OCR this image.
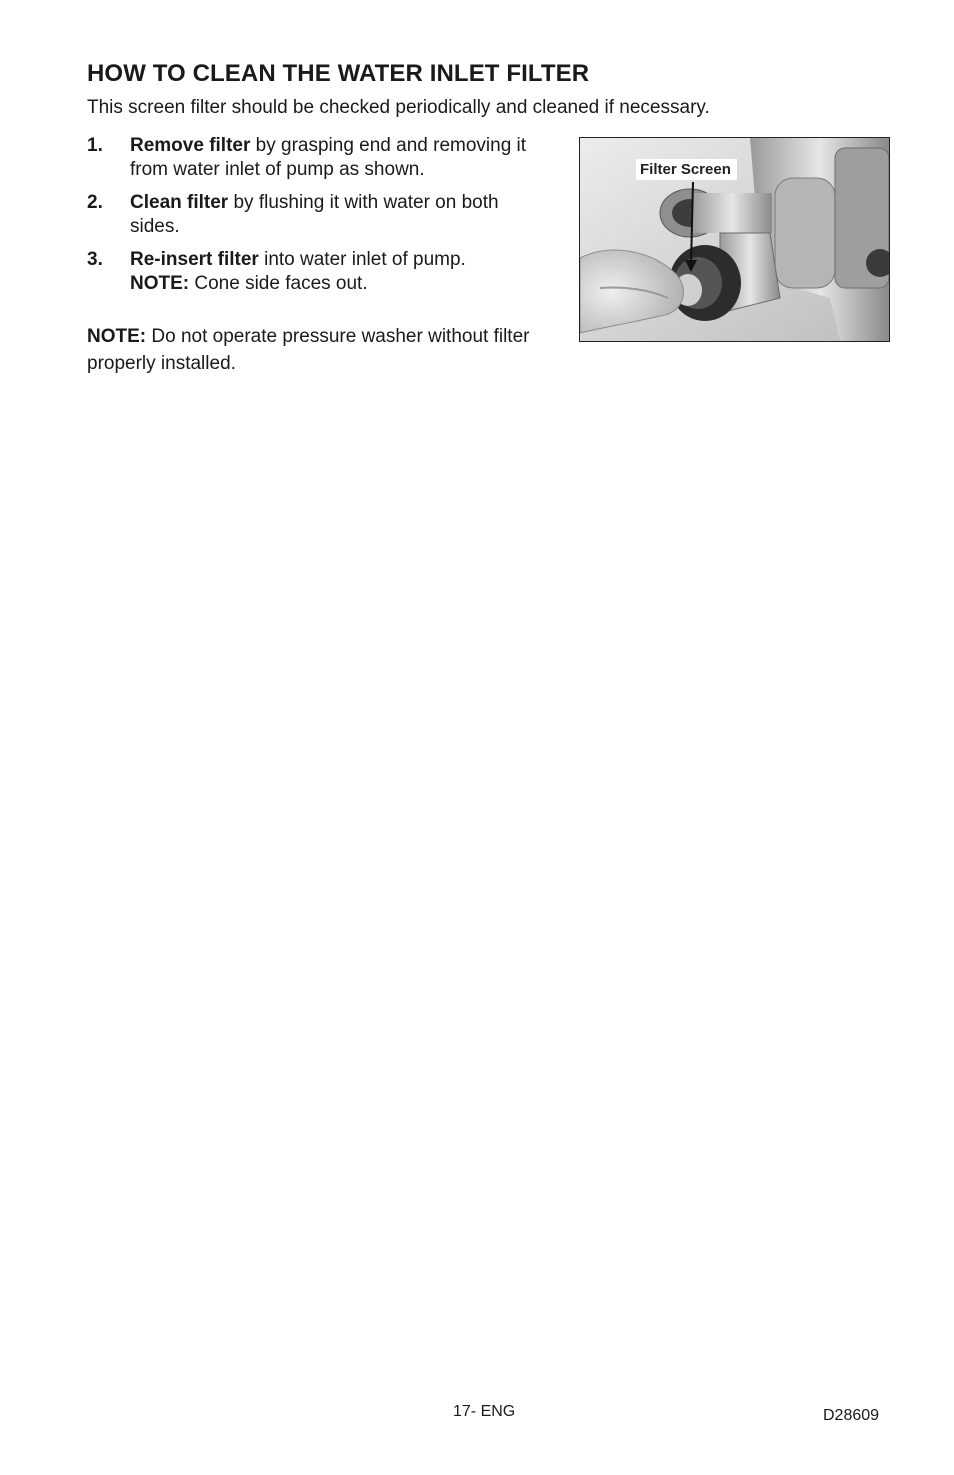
HOW TO CLEAN THE WATER INLET FILTER

This screen filter should be checked periodically and cleaned if necessary.

1. Remove filter by grasping end and removing it from water inlet of pump as shown.
2. Clean filter by flushing it with water on both sides.
3. Re-insert filter into water inlet of pump.
NOTE: Cone side faces out.

NOTE: Do not operate pressure washer without filter properly installed.

Filter Screen

17- ENG	D28609
